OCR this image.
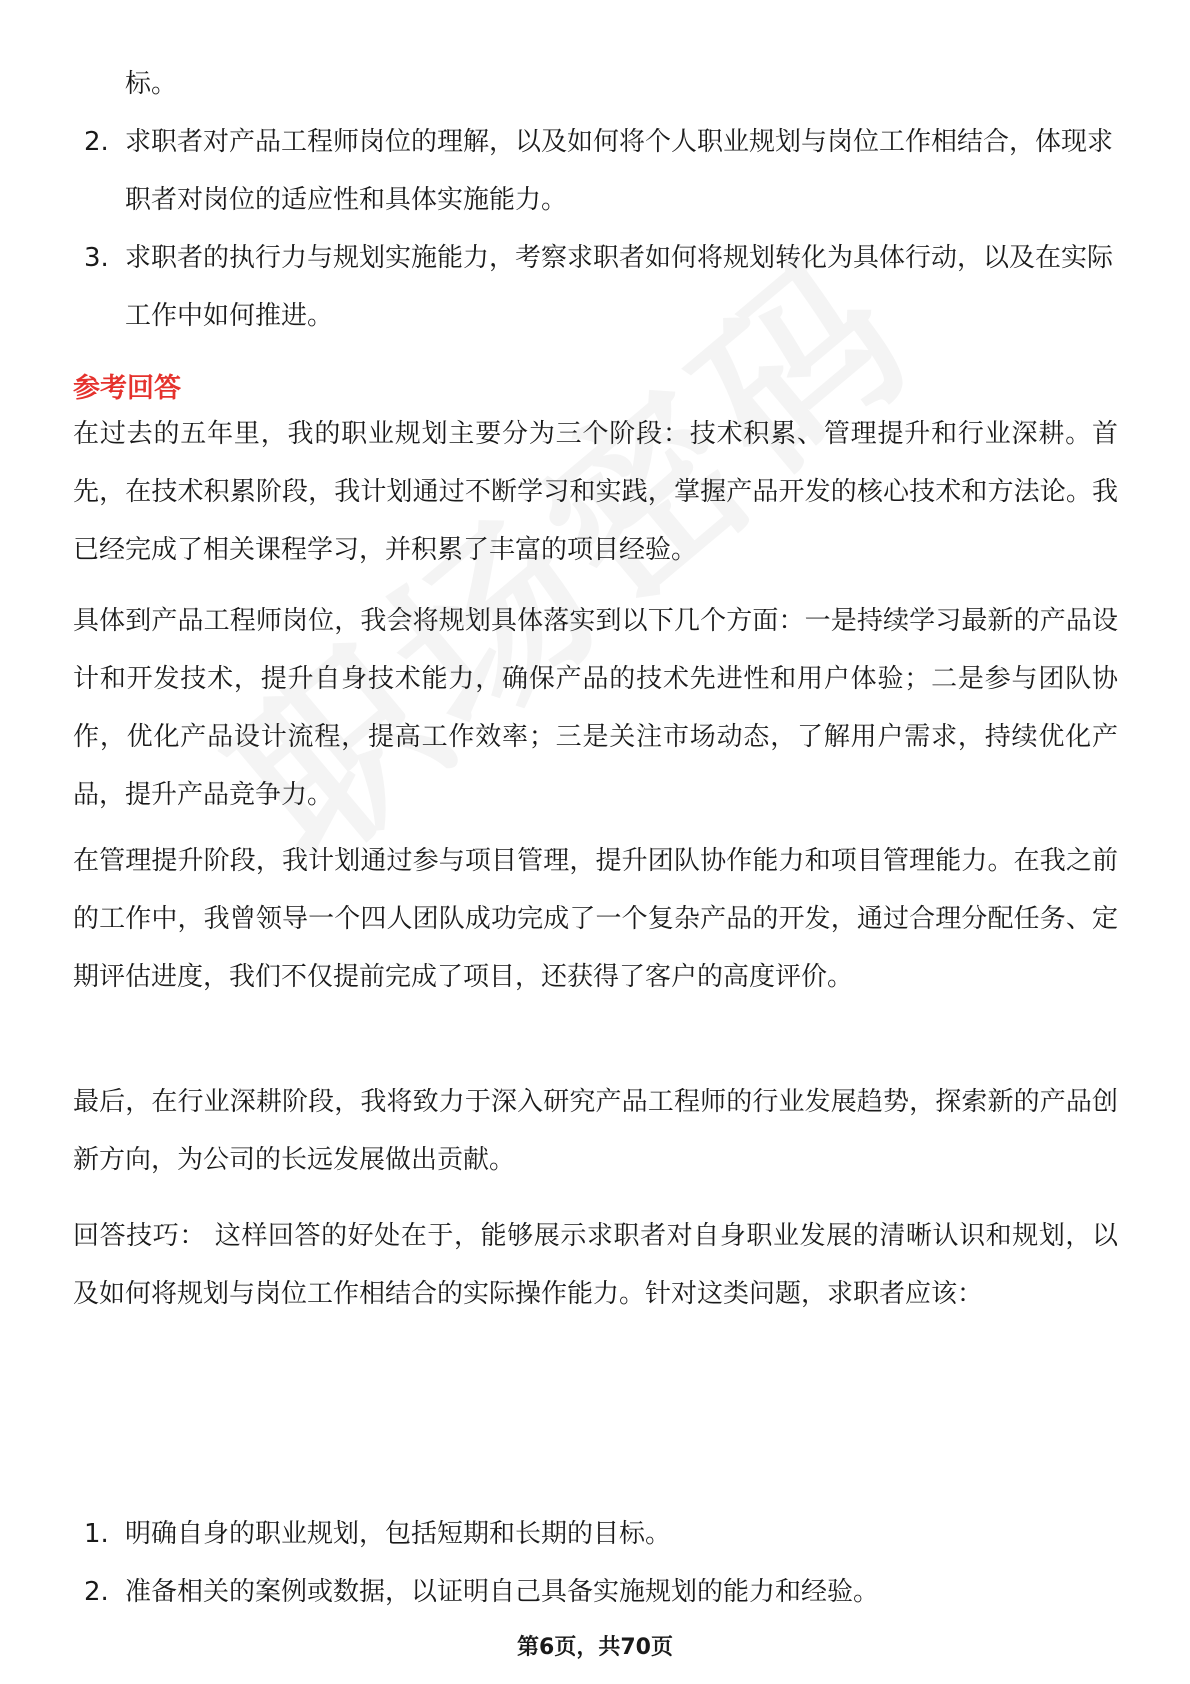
标。
2. 求职者对产品工程师岗位的理解，以及如何将个人职业规划与岗位工作相结合，体现求职者对岗位的适应性和具体实施能力。
3. 求职者的执行力与规划实施能力，考察求职者如何将规划转化为具体行动，以及在实际工作中如何推进。
参考回答

在过去的五年里，我的职业规划主要分为三个阶段：技术积累、管理提升和行业深耕。首先，在技术积累阶段，我计划通过不断学习和实践，掌握产品开发的核心技术和方法论。我已经完成了相关课程学习，并积累了丰富的项目经验。

具体到产品工程师岗位，我会将规划具体落实到以下几个方面：一是持续学习最新的产品设计和开发技术，提升自身技术能力，确保产品的技术先进性和用户体验；二是参与团队协作，优化产品设计流程，提高工作效率；三是关注市场动态，了解用户需求，持续优化产品，提升产品竞争力。

在管理提升阶段，我计划通过参与项目管理，提升团队协作能力和项目管理能力。在我之前的工作中，我曾领导一个四人团队成功完成了一个复杂产品的开发，通过合理分配任务、定期评估进度，我们不仅提前完成了项目，还获得了客户的高度评价。

最后，在行业深耕阶段，我将致力于深入研究产品工程师的行业发展趋势，探索新的产品创新方向，为公司的长远发展做出贡献。

回答技巧： 这样回答的好处在于，能够展示求职者对自身职业发展的清晰认识和规划，以及如何将规划与岗位工作相结合的实际操作能力。针对这类问题，求职者应该：

1. 明确自身的职业规划，包括短期和长期的目标。
2. 准备相关的案例或数据，以证明自己具备实施规划的能力和经验。
第6页，共70页
